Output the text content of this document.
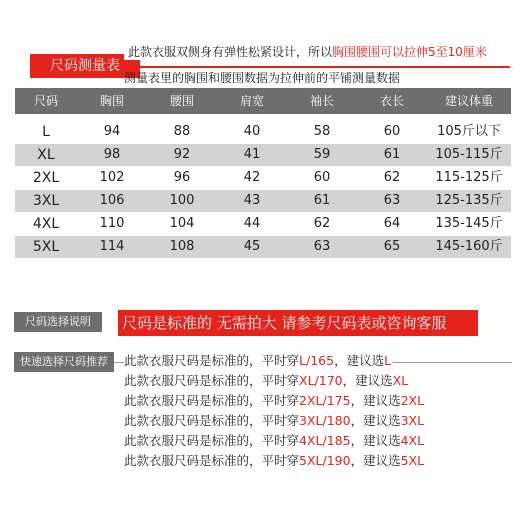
尺码测量表
此款衣服双侧身有弹性松紧设计，所以胸围腰围可以拉伸5至10厘米
测量表里的胸围和腰围数据为拉伸前的平铺测量数据
尺码	胸围	腰围	肩宽	袖长	衣长	建议体重
L	94	88	40	58	60	105斤以下
XL	98	92	41	59	61	105-115斤
2XL	102	96	42	60	62	115-125斤
3XL	106	100	43	61	63	125-135斤
4XL	110	104	44	62	64	135-145斤
5XL	114	108	45	63	65	145-160斤
尺码选择说明	尺码是标准的 无需拍大 请参考尺码表或咨询客服
快速选择尺码推荐	此款衣服尺码是标准的，平时穿L/165，建议选L
此款衣服尺码是标准的，平时穿XL/170，建议选XL
此款衣服尺码是标准的，平时穿2XL/175，建议选2XL
此款衣服尺码是标准的，平时穿3XL/180，建议选3XL
此款衣服尺码是标准的，平时穿4XL/185，建议选4XL
此款衣服尺码是标准的，平时穿5XL/190，建议选5XL
